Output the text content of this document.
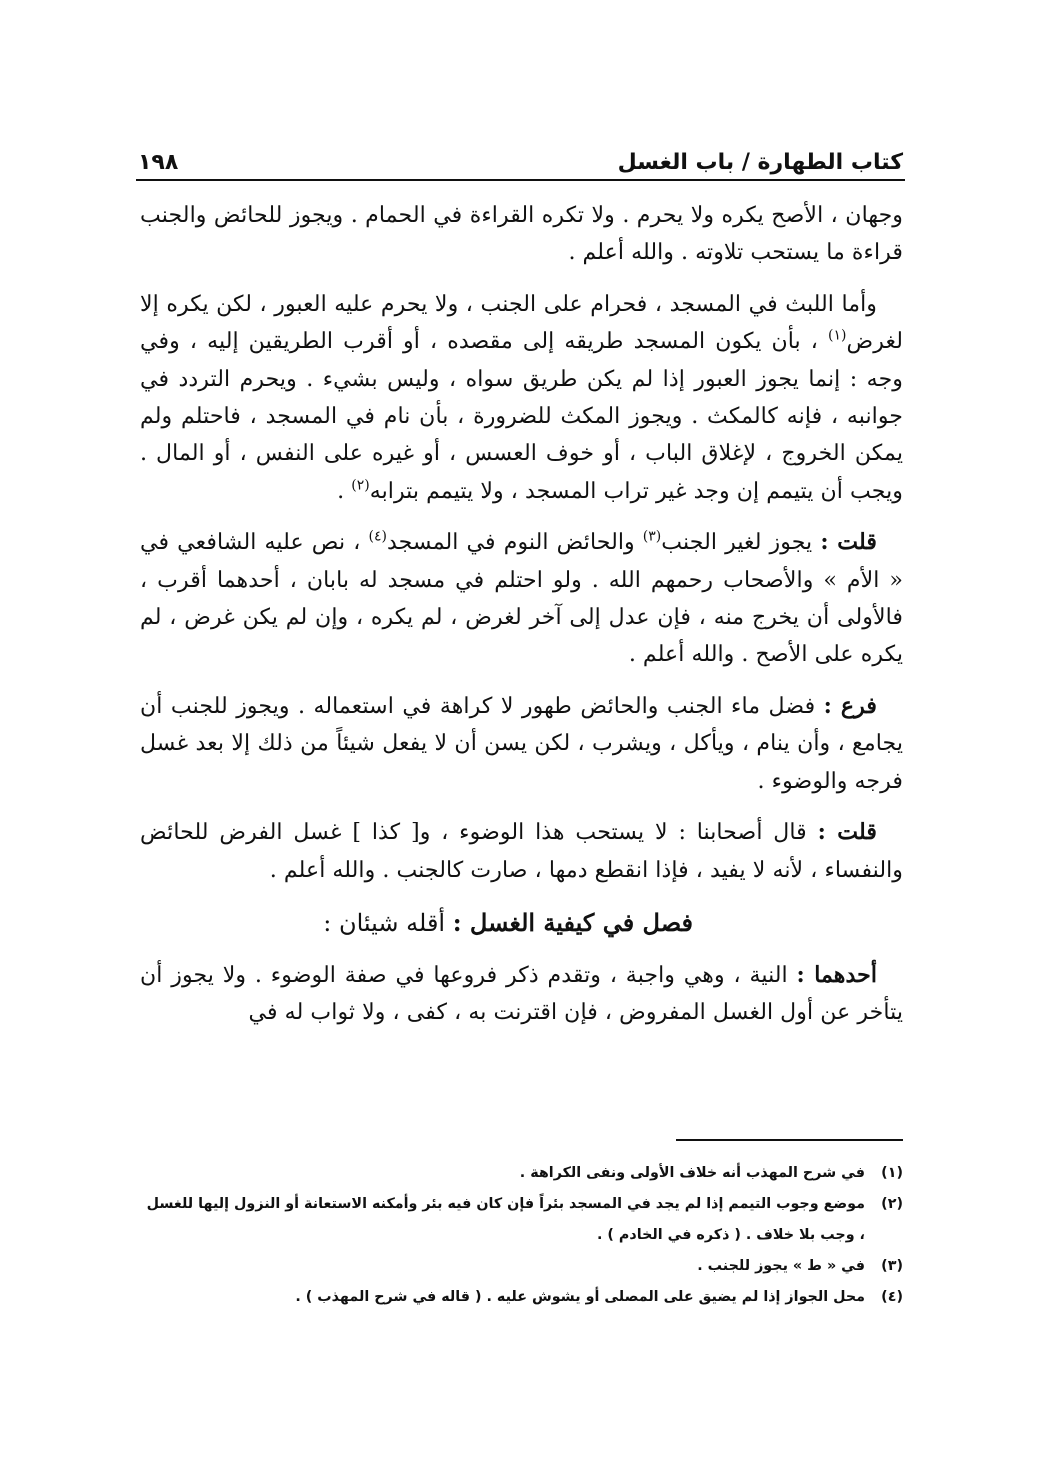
كتاب الطهارة / باب الغسل
١٩٨

وجهان ، الأصح يكره ولا يحرم . ولا تكره القراءة في الحمام . ويجوز للحائض والجنب قراءة ما يستحب تلاوته . والله أعلم .

وأما اللبث في المسجد ، فحرام على الجنب ، ولا يحرم عليه العبور ، لكن يكره إلا لغرض$^{(١)}$ ، بأن يكون المسجد طريقه إلى مقصده ، أو أقرب الطريقين إليه ، وفي وجه : إنما يجوز العبور إذا لم يكن طريق سواه ، وليس بشيء . ويحرم التردد في جوانبه ، فإنه كالمكث . ويجوز المكث للضرورة ، بأن نام في المسجد ، فاحتلم ولم يمكن الخروج ، لإغلاق الباب ، أو خوف العسس ، أو غيره على النفس ، أو المال . ويجب أن يتيمم إن وجد غير تراب المسجد ، ولا يتيمم بترابه$^{(٢)}$ .

قلت : يجوز لغير الجنب$^{(٣)}$ والحائض النوم في المسجد$^{(٤)}$ ، نص عليه الشافعي في « الأم » والأصحاب رحمهم الله . ولو احتلم في مسجد له بابان ، أحدهما أقرب ، فالأولى أن يخرج منه ، فإن عدل إلى آخر لغرض ، لم يكره ، وإن لم يكن غرض ، لم يكره على الأصح . والله أعلم .

فرع : فضل ماء الجنب والحائض طهور لا كراهة في استعماله . ويجوز للجنب أن يجامع ، وأن ينام ، ويأكل ، ويشرب ، لكن يسن أن لا يفعل شيئاً من ذلك إلا بعد غسل فرجه والوضوء .

قلت : قال أصحابنا : لا يستحب هذا الوضوء ، و[ كذا ] غسل الفرض للحائض والنفساء ، لأنه لا يفيد ، فإذا انقطع دمها ، صارت كالجنب . والله أعلم .

فصل في كيفية الغسل : أقله شيئان :

أحدهما : النية ، وهي واجبة ، وتقدم ذكر فروعها في صفة الوضوء . ولا يجوز أن يتأخر عن أول الغسل المفروض ، فإن اقترنت به ، كفى ، ولا ثواب له في

(١)
في شرح المهذب أنه خلاف الأولى ونفى الكراهة .

(٢)
موضع وجوب التيمم إذا لم يجد في المسجد بئراً فإن كان فيه بئر وأمكنه الاستعانة أو النزول إليها للغسل ، وجب بلا خلاف . ( ذكره في الخادم ) .

(٣)
في « ط » يجوز للجنب .

(٤)
محل الجواز إذا لم يضيق على المصلى أو يشوش عليه . ( قاله في شرح المهذب ) .
